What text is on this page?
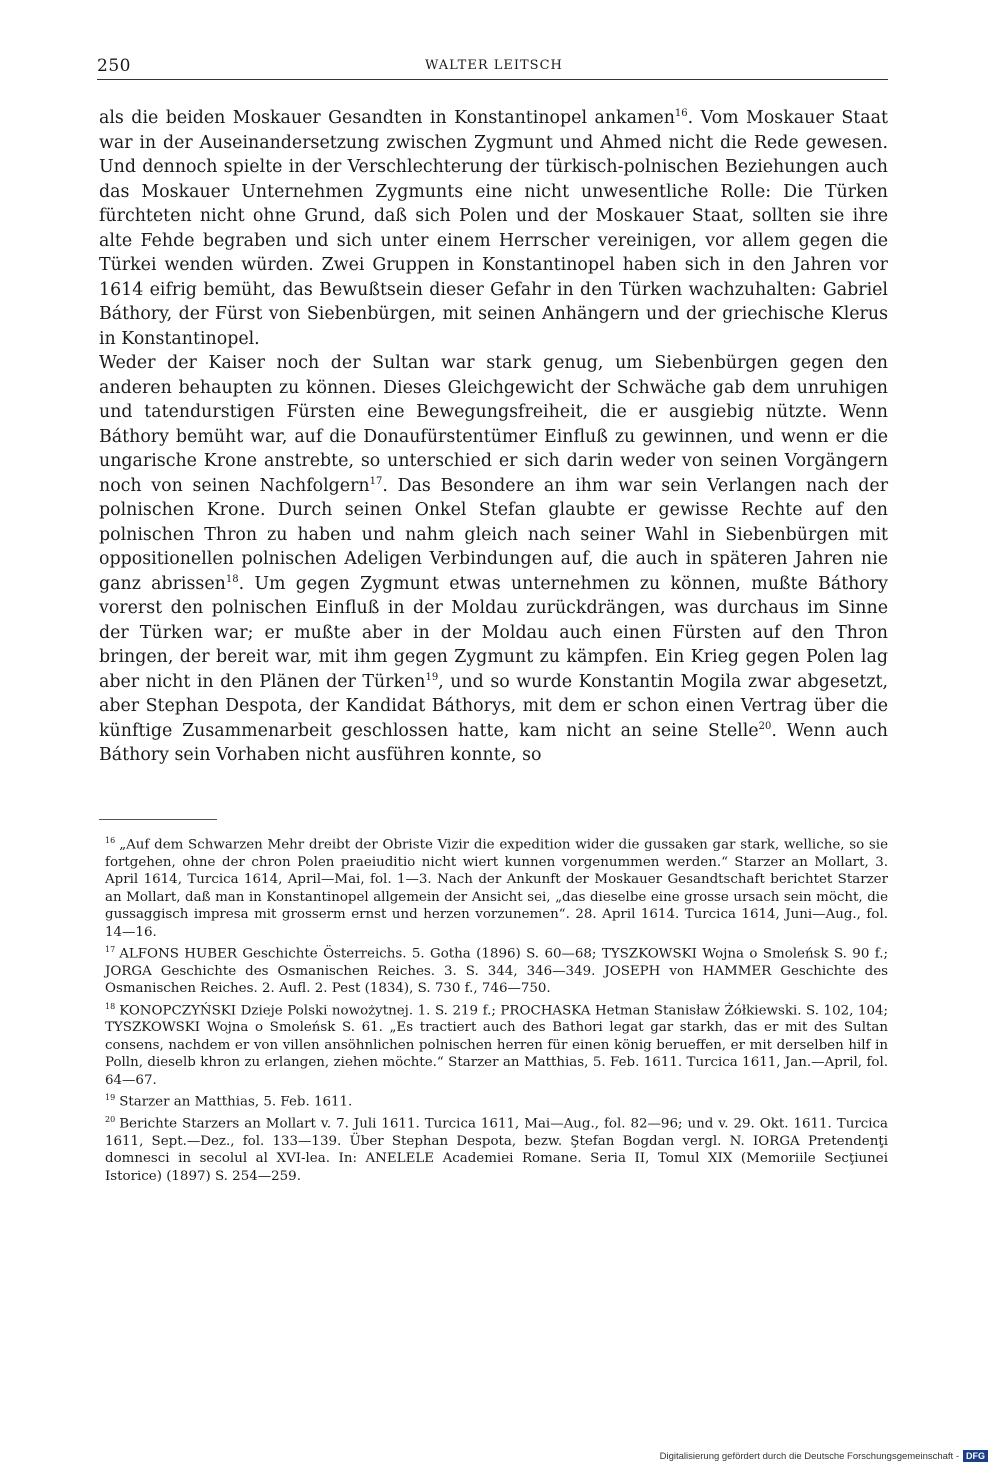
250	WALTER LEITSCH

als die beiden Moskauer Gesandten in Konstantinopel ankamen$^{16}$. Vom Moskauer Staat war in der Auseinandersetzung zwischen Zygmunt und Ahmed nicht die Rede gewesen. Und dennoch spielte in der Verschlechterung der türkisch-polnischen Beziehungen auch das Moskauer Unternehmen Zygmunts eine nicht unwesentliche Rolle: Die Türken fürchteten nicht ohne Grund, daß sich Polen und der Moskauer Staat, sollten sie ihre alte Fehde begraben und sich unter einem Herrscher vereinigen, vor allem gegen die Türkei wenden würden. Zwei Gruppen in Konstantinopel haben sich in den Jahren vor 1614 eifrig bemüht, das Bewußtsein dieser Gefahr in den Türken wachzuhalten: Gabriel Báthory, der Fürst von Siebenbürgen, mit seinen Anhängern und der griechische Klerus in Konstantinopel.

Weder der Kaiser noch der Sultan war stark genug, um Siebenbürgen gegen den anderen behaupten zu können. Dieses Gleichgewicht der Schwäche gab dem unruhigen und tatendurstigen Fürsten eine Bewegungsfreiheit, die er ausgiebig nützte. Wenn Báthory bemüht war, auf die Donaufürstentümer Einfluß zu gewinnen, und wenn er die ungarische Krone anstrebte, so unterschied er sich darin weder von seinen Vorgängern noch von seinen Nachfolgern$^{17}$. Das Besondere an ihm war sein Verlangen nach der polnischen Krone. Durch seinen Onkel Stefan glaubte er gewisse Rechte auf den polnischen Thron zu haben und nahm gleich nach seiner Wahl in Siebenbürgen mit oppositionellen polnischen Adeligen Verbindungen auf, die auch in späteren Jahren nie ganz abrissen$^{18}$. Um gegen Zygmunt etwas unternehmen zu können, mußte Báthory vorerst den polnischen Einfluß in der Moldau zurückdrängen, was durchaus im Sinne der Türken war; er mußte aber in der Moldau auch einen Fürsten auf den Thron bringen, der bereit war, mit ihm gegen Zygmunt zu kämpfen. Ein Krieg gegen Polen lag aber nicht in den Plänen der Türken$^{19}$, und so wurde Konstantin Mogila zwar abgesetzt, aber Stephan Despota, der Kandidat Báthorys, mit dem er schon einen Vertrag über die künftige Zusammenarbeit geschlossen hatte, kam nicht an seine Stelle$^{20}$. Wenn auch Báthory sein Vorhaben nicht ausführen konnte, so

$^{16}$ „Auf dem Schwarzen Mehr dreibt der Obriste Vizir die expedition wider die gussaken gar stark, welliche, so sie fortgehen, ohne der chron Polen praeiuditio nicht wiert kunnen vorgenummen werden.“ Starzer an Mollart, 3. April 1614, Turcica 1614, April—Mai, fol. 1—3. Nach der Ankunft der Moskauer Gesandtschaft berichtet Starzer an Mollart, daß man in Konstantinopel allgemein der Ansicht sei, „das dieselbe eine grosse ursach sein möcht, die gussaggisch impresa mit grosserm ernst und herzen vorzunemen“. 28. April 1614. Turcica 1614, Juni—Aug., fol. 14—16.

$^{17}$ ALFONS HUBER Geschichte Österreichs. 5. Gotha (1896) S. 60—68; TYSZKOWSKI Wojna o Smoleńsk S. 90 f.; JORGA Geschichte des Osmanischen Reiches. 3. S. 344, 346—349. JOSEPH von HAMMER Geschichte des Osmanischen Reiches. 2. Aufl. 2. Pest (1834), S. 730 f., 746—750.

$^{18}$ KONOPCZYŃSKI Dzieje Polski nowożytnej. 1. S. 219 f.; PROCHASKA Hetman Stanisław Żółkiewski. S. 102, 104; TYSZKOWSKI Wojna o Smoleńsk S. 61. „Es tractiert auch des Bathori legat gar starkh, das er mit des Sultan consens, nachdem er von villen ansöhnlichen polnischen herren für einen könig berueffen, er mit derselben hilf in Polln, dieselb khron zu erlangen, ziehen möchte.“ Starzer an Matthias, 5. Feb. 1611. Turcica 1611, Jan.—April, fol. 64—67.

$^{19}$ Starzer an Matthias, 5. Feb. 1611.

$^{20}$ Berichte Starzers an Mollart v. 7. Juli 1611. Turcica 1611, Mai—Aug., fol. 82—96; und v. 29. Okt. 1611. Turcica 1611, Sept.—Dez., fol. 133—139. Über Stephan Despota, bezw. Ştefan Bogdan vergl. N. IORGA Pretendenţi domnesci in secolul al XVI-lea. In: ANELELE Academiei Romane. Seria II, Tomul XIX (Memoriile Secţiunei Istorice) (1897) S. 254—259.

Digitalisierung gefördert durch die Deutsche Forschungsgemeinschaft - DFG
